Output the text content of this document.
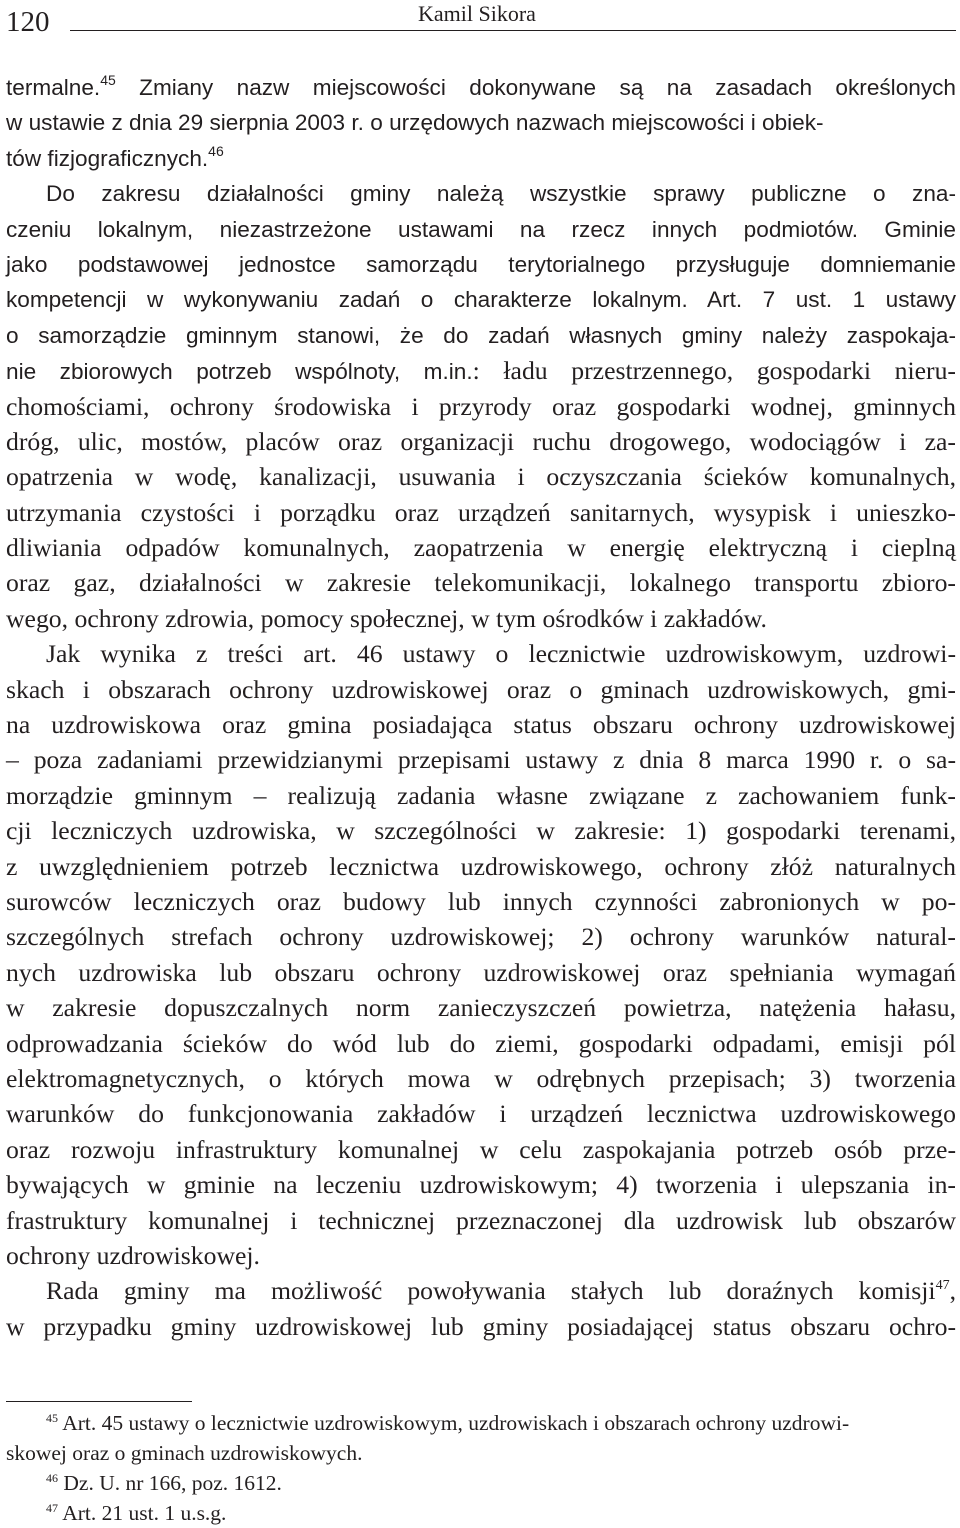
120	Kamil Sikora
termalne.$^{45}$ Zmiany nazw miejscowości dokonywane są na zasadach określonych
w ustawie z dnia 29 sierpnia 2003 r. o urzędowych nazwach miejscowości i obiek-
tów fizjograficznych.$^{46}$
Do zakresu działalności gminy należą wszystkie sprawy publiczne o zna-
czeniu lokalnym, niezastrzeżone ustawami na rzecz innych podmiotów. Gminie
jako podstawowej jednostce samorządu terytorialnego przysługuje domniemanie
kompetencji w wykonywaniu zadań o charakterze lokalnym. Art. 7 ust. 1 ustawy
o samorządzie gminnym stanowi, że do zadań własnych gminy należy zaspokaja-
nie zbiorowych potrzeb wspólnoty, m.in.: ładu przestrzennego, gospodarki nieru-
chomościami, ochrony środowiska i przyrody oraz gospodarki wodnej, gminnych
dróg, ulic, mostów, placów oraz organizacji ruchu drogowego, wodociągów i za-
opatrzenia w wodę, kanalizacji, usuwania i oczyszczania ścieków komunalnych,
utrzymania czystości i porządku oraz urządzeń sanitarnych, wysypisk i unieszko-
dliwiania odpadów komunalnych, zaopatrzenia w energię elektryczną i cieplną
oraz gaz, działalności w zakresie telekomunikacji, lokalnego transportu zbioro-
wego, ochrony zdrowia, pomocy społecznej, w tym ośrodków i zakładów.
Jak wynika z treści art. 46 ustawy o lecznictwie uzdrowiskowym, uzdrowi-
skach i obszarach ochrony uzdrowiskowej oraz o gminach uzdrowiskowych, gmi-
na uzdrowiskowa oraz gmina posiadająca status obszaru ochrony uzdrowiskowej
– poza zadaniami przewidzianymi przepisami ustawy z dnia 8 marca 1990 r. o sa-
morządzie gminnym – realizują zadania własne związane z zachowaniem funk-
cji leczniczych uzdrowiska, w szczególności w zakresie: 1) gospodarki terenami,
z uwzględnieniem potrzeb lecznictwa uzdrowiskowego, ochrony złóż naturalnych
surowców leczniczych oraz budowy lub innych czynności zabronionych w po-
szczególnych strefach ochrony uzdrowiskowej; 2) ochrony warunków natural-
nych uzdrowiska lub obszaru ochrony uzdrowiskowej oraz spełniania wymagań
w zakresie dopuszczalnych norm zanieczyszczeń powietrza, natężenia hałasu,
odprowadzania ścieków do wód lub do ziemi, gospodarki odpadami, emisji pól
elektromagnetycznych, o których mowa w odrębnych przepisach; 3) tworzenia
warunków do funkcjonowania zakładów i urządzeń lecznictwa uzdrowiskowego
oraz rozwoju infrastruktury komunalnej w celu zaspokajania potrzeb osób prze-
bywających w gminie na leczeniu uzdrowiskowym; 4) tworzenia i ulepszania in-
frastruktury komunalnej i technicznej przeznaczonej dla uzdrowisk lub obszarów
ochrony uzdrowiskowej.
Rada gminy ma możliwość powoływania stałych lub doraźnych komisji$^{47}$,
w przypadku gminy uzdrowiskowej lub gminy posiadającej status obszaru ochro-
$^{45}$ Art. 45 ustawy o lecznictwie uzdrowiskowym, uzdrowiskach i obszarach ochrony uzdrowi-
skowej oraz o gminach uzdrowiskowych.
$^{46}$ Dz. U. nr 166, poz. 1612.
$^{47}$ Art. 21 ust. 1 u.s.g.
